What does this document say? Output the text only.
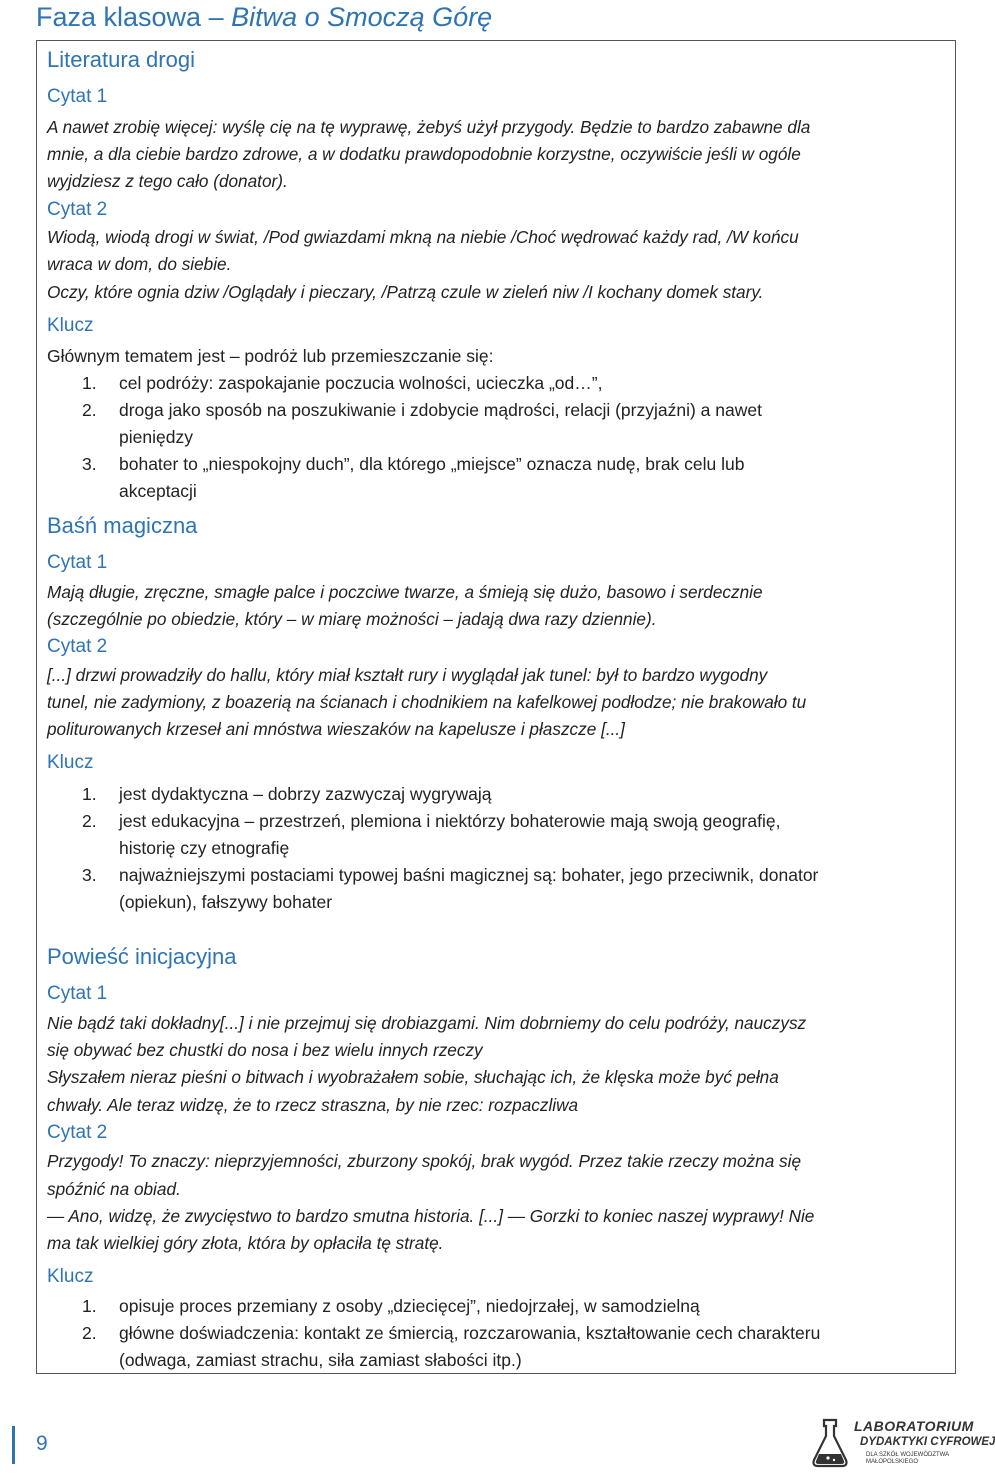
Faza klasowa – Bitwa o Smoczą Górę

Literatura drogi

Cytat 1

A nawet zrobię więcej: wyślę cię na tę wyprawę, żebyś użył przygody. Będzie to bardzo zabawne dla

mnie, a dla ciebie bardzo zdrowe, a w dodatku prawdopodobnie korzystne, oczywiście jeśli w ogóle

wyjdziesz z tego cało (donator).

Cytat 2

Wiodą, wiodą drogi w świat, /Pod gwiazdami mkną na niebie /Choć wędrować każdy rad, /W końcu

wraca w dom, do siebie.

Oczy, które ognia dziw /Oglądały i pieczary, /Patrzą czule w zieleń niw /I kochany domek stary.

Klucz

Głównym tematem jest – podróż lub przemieszczanie się:

1. cel podróży: zaspokajanie poczucia wolności, ucieczka „od…”,

2. droga jako sposób na poszukiwanie i zdobycie mądrości, relacji (przyjaźni) a nawet

pieniędzy

3. bohater to „niespokojny duch”, dla którego „miejsce” oznacza nudę, brak celu lub

akceptacji

Baśń magiczna

Cytat 1

Mają długie, zręczne, smagłe palce i poczciwe twarze, a śmieją się dużo, basowo i serdecznie

(szczególnie po obiedzie, który – w miarę możności – jadają dwa razy dziennie).

Cytat 2

[...] drzwi prowadziły do hallu, który miał kształt rury i wyglądał jak tunel: był to bardzo wygodny

tunel, nie zadymiony, z boazerią na ścianach i chodnikiem na kafelkowej podłodze; nie brakowało tu

politurowanych krzeseł ani mnóstwa wieszaków na kapelusze i płaszcze [...]

Klucz

1. jest dydaktyczna – dobrzy zazwyczaj wygrywają

2. jest edukacyjna – przestrzeń, plemiona i niektórzy bohaterowie mają swoją geografię,

historię czy etnografię

3. najważniejszymi postaciami typowej baśni magicznej są: bohater, jego przeciwnik, donator

(opiekun), fałszywy bohater

Powieść inicjacyjna

Cytat 1

Nie bądź taki dokładny[...] i nie przejmuj się drobiazgami. Nim dobrniemy do celu podróży, nauczysz

się obywać bez chustki do nosa i bez wielu innych rzeczy

Słyszałem nieraz pieśni o bitwach i wyobrażałem sobie, słuchając ich, że klęska może być pełna

chwały. Ale teraz widzę, że to rzecz straszna, by nie rzec: rozpaczliwa

Cytat 2

Przygody! To znaczy: nieprzyjemności, zburzony spokój, brak wygód. Przez takie rzeczy można się

spóźnić na obiad.

— Ano, widzę, że zwycięstwo to bardzo smutna historia. [...] — Gorzki to koniec naszej wyprawy! Nie

ma tak wielkiej góry złota, która by opłaciła tę stratę.

Klucz

1. opisuje proces przemiany z osoby „dziecięcej”, niedojrzałej, w samodzielną

2. główne doświadczenia: kontakt ze śmiercią, rozczarowania, kształtowanie cech charakteru

(odwaga, zamiast strachu, siła zamiast słabości itp.)

9
LABORATORIUM
DYDAKTYKI CYFROWEJ
DLA SZKÓŁ WOJEWÓDZTWA
MAŁOPOLSKIEGO
